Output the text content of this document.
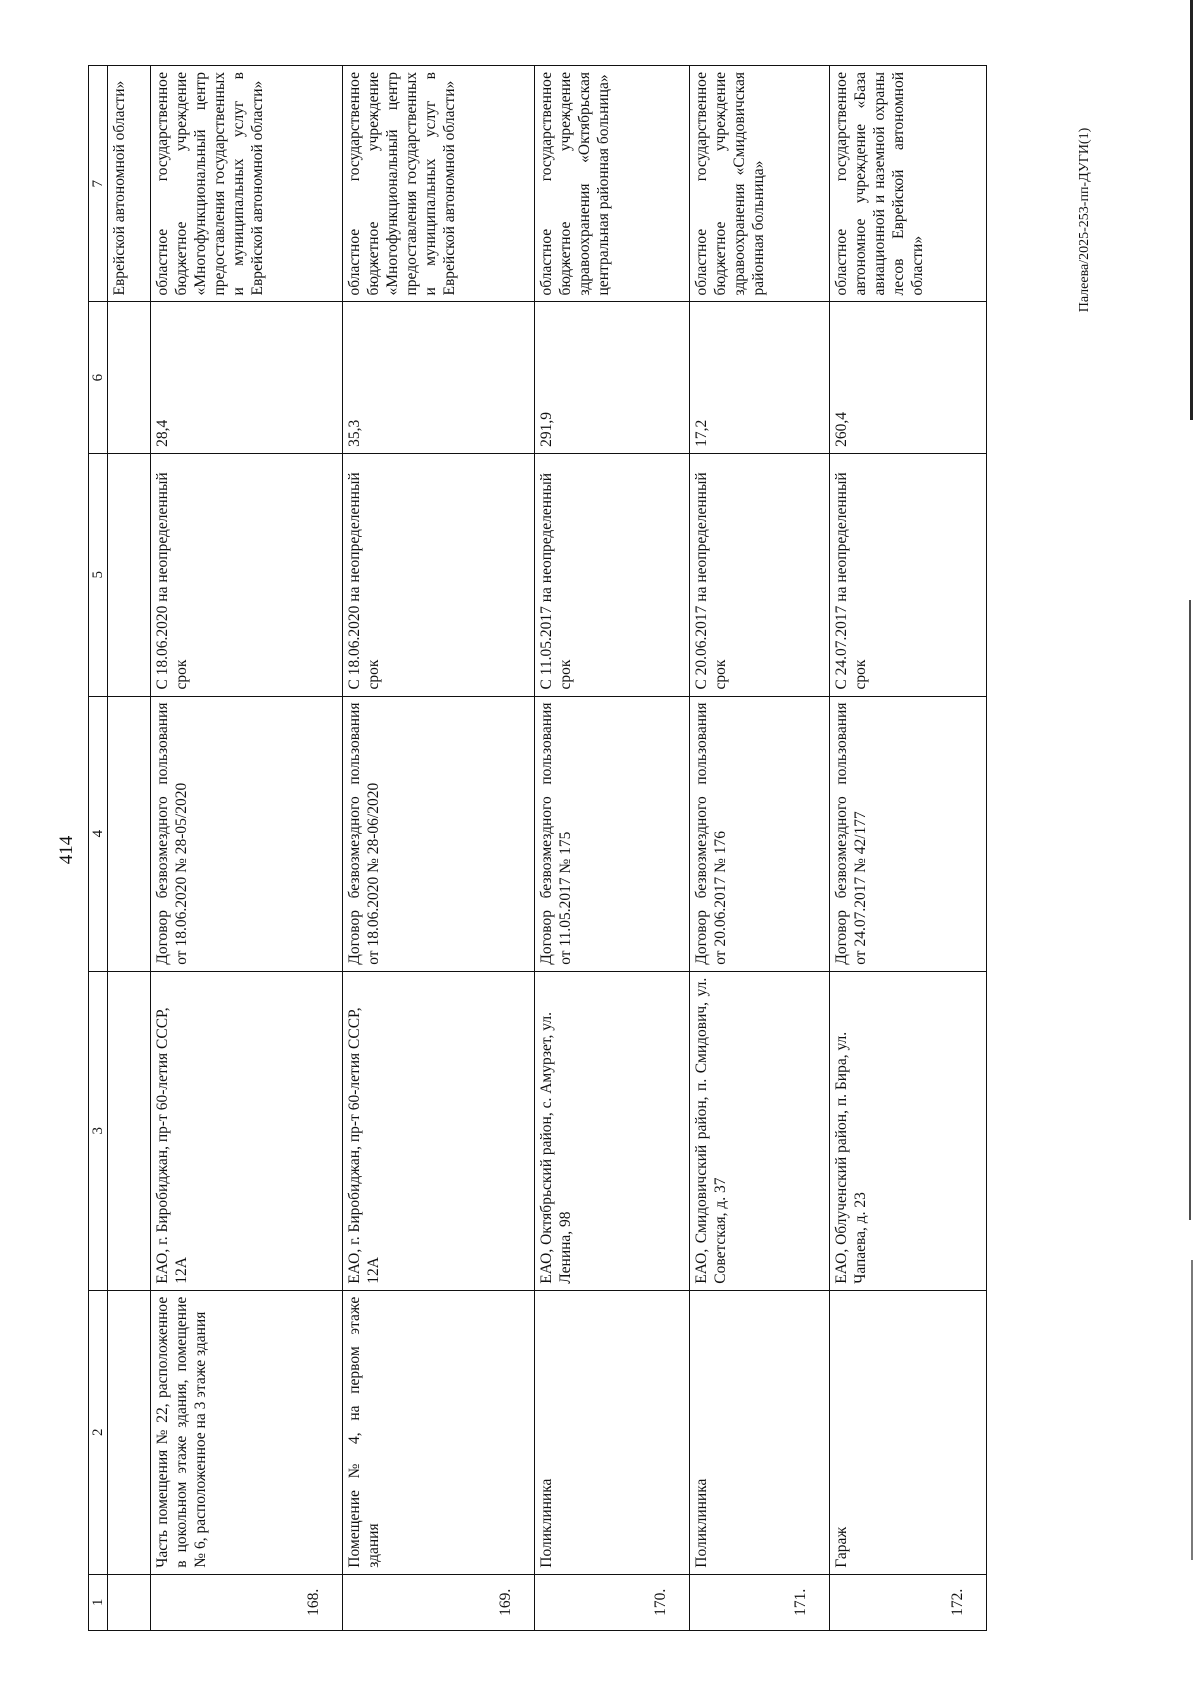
414
Палеева/2025-253-пп-ДУГИ(1)
1	2	3	4	5	6	7
						Еврейской автономной области»
168.	Часть помещения № 22, расположенное в цокольном этаже здания, помещение № 6, расположенное на 3 этаже здания	ЕАО, г. Биробиджан, пр-т 60-летия СССР, 12А	Договор безвозмездного пользования от 18.06.2020 № 28-05/2020	С 18.06.2020 на неопределенный срок	28,4	областное государственное бюджетное учреждение «Многофункциональный центр предоставления государственных и муниципальных услуг в Еврейской автономной области»
169.	Помещение № 4, на первом этаже здания	ЕАО, г. Биробиджан, пр-т 60-летия СССР, 12А	Договор безвозмездного пользования от 18.06.2020 № 28-06/2020	С 18.06.2020 на неопределенный срок	35,3	областное государственное бюджетное учреждение «Многофункциональный центр предоставления государственных и муниципальных услуг в Еврейской автономной области»
170.	Поликлиника	ЕАО, Октябрьский район, с. Амурзет, ул. Ленина, 98	Договор безвозмездного пользования от 11.05.2017 № 175	С 11.05.2017 на неопределенный срок	291,9	областное государственное бюджетное учреждение здравоохранения «Октябрьская центральная районная больница»
171.	Поликлиника	ЕАО, Смидовичский район, п. Смидович, ул. Советская, д. 37	Договор безвозмездного пользования от 20.06.2017 № 176	С 20.06.2017 на неопределенный срок	17,2	областное государственное бюджетное учреждение здравоохранения «Смидовичская районная больница»
172.	Гараж	ЕАО, Облученский район, п. Бира, ул. Чапаева, д. 23	Договор безвозмездного пользования от 24.07.2017 № 42/177	С 24.07.2017 на неопределенный срок	260,4	областное государственное автономное учреждение «База авиационной и наземной охраны лесов Еврейской автономной области»
